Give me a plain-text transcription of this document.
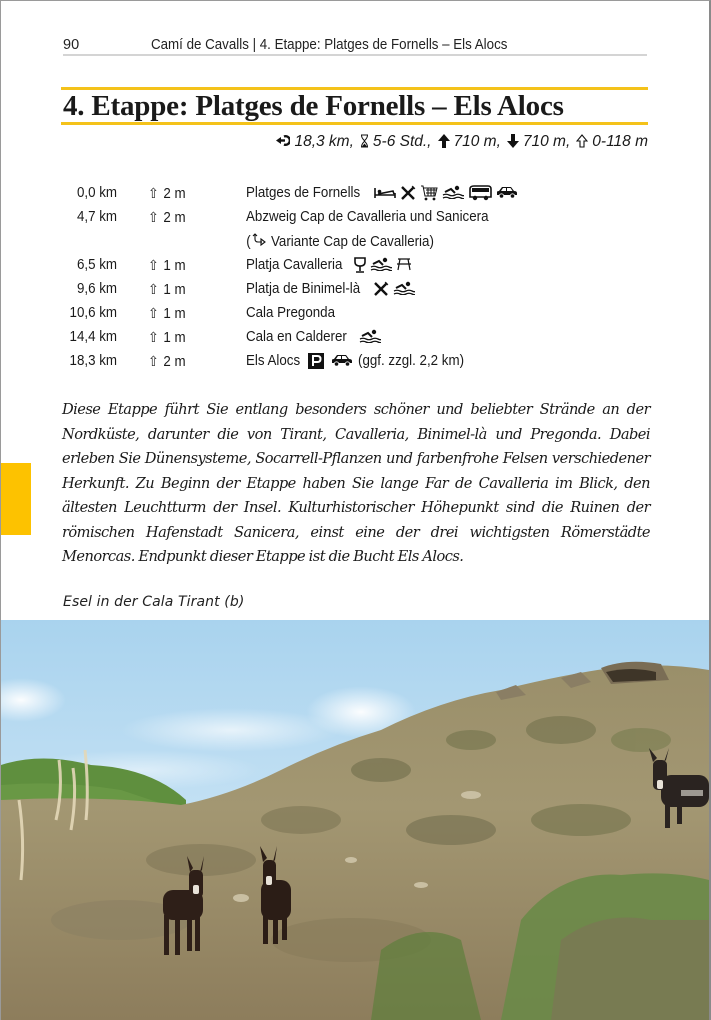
90	Camí de Cavalls | 4. Etappe: Platges de Fornells – Els Alocs
4. Etappe: Platges de Fornells – Els Alocs
18,3 km, 5-6 Std., 710 m, 710 m, 0-118 m
0,0 km ⇧ 2 m	Platges de Fornells
4,7 km ⇧ 2 m	Abzweig Cap de Cavalleria und Sanicera
( Variante Cap de Cavalleria)
6,5 km ⇧ 1 m	Platja Cavalleria
9,6 km ⇧ 1 m	Platja de Binimel-là
10,6 km ⇧ 1 m	Cala Pregonda
14,4 km ⇧ 1 m	Cala en Calderer
18,3 km ⇧ 2 m	Els Alocs	(ggf. zzgl. 2,2 km)

Diese Etappe führt Sie entlang besonders schöner und beliebter Strände an der Nordküste, darunter die von Tirant, Cavalleria, Binimel-là und Pregonda. Dabei erleben Sie Dünensysteme, Socarrell-Pflanzen und farbenfrohe Felsen verschiedener Herkunft. Zu Beginn der Etappe haben Sie lange Far de Cavalleria im Blick, den ältesten Leuchtturm der Insel. Kulturhistorischer Höhepunkt sind die Ruinen der römischen Hafenstadt Sanicera, einst eine der drei wichtigsten Römerstädte Menorcas. Endpunkt dieser Etappe ist die Bucht Els Alocs.

Esel in der Cala Tirant (b)
